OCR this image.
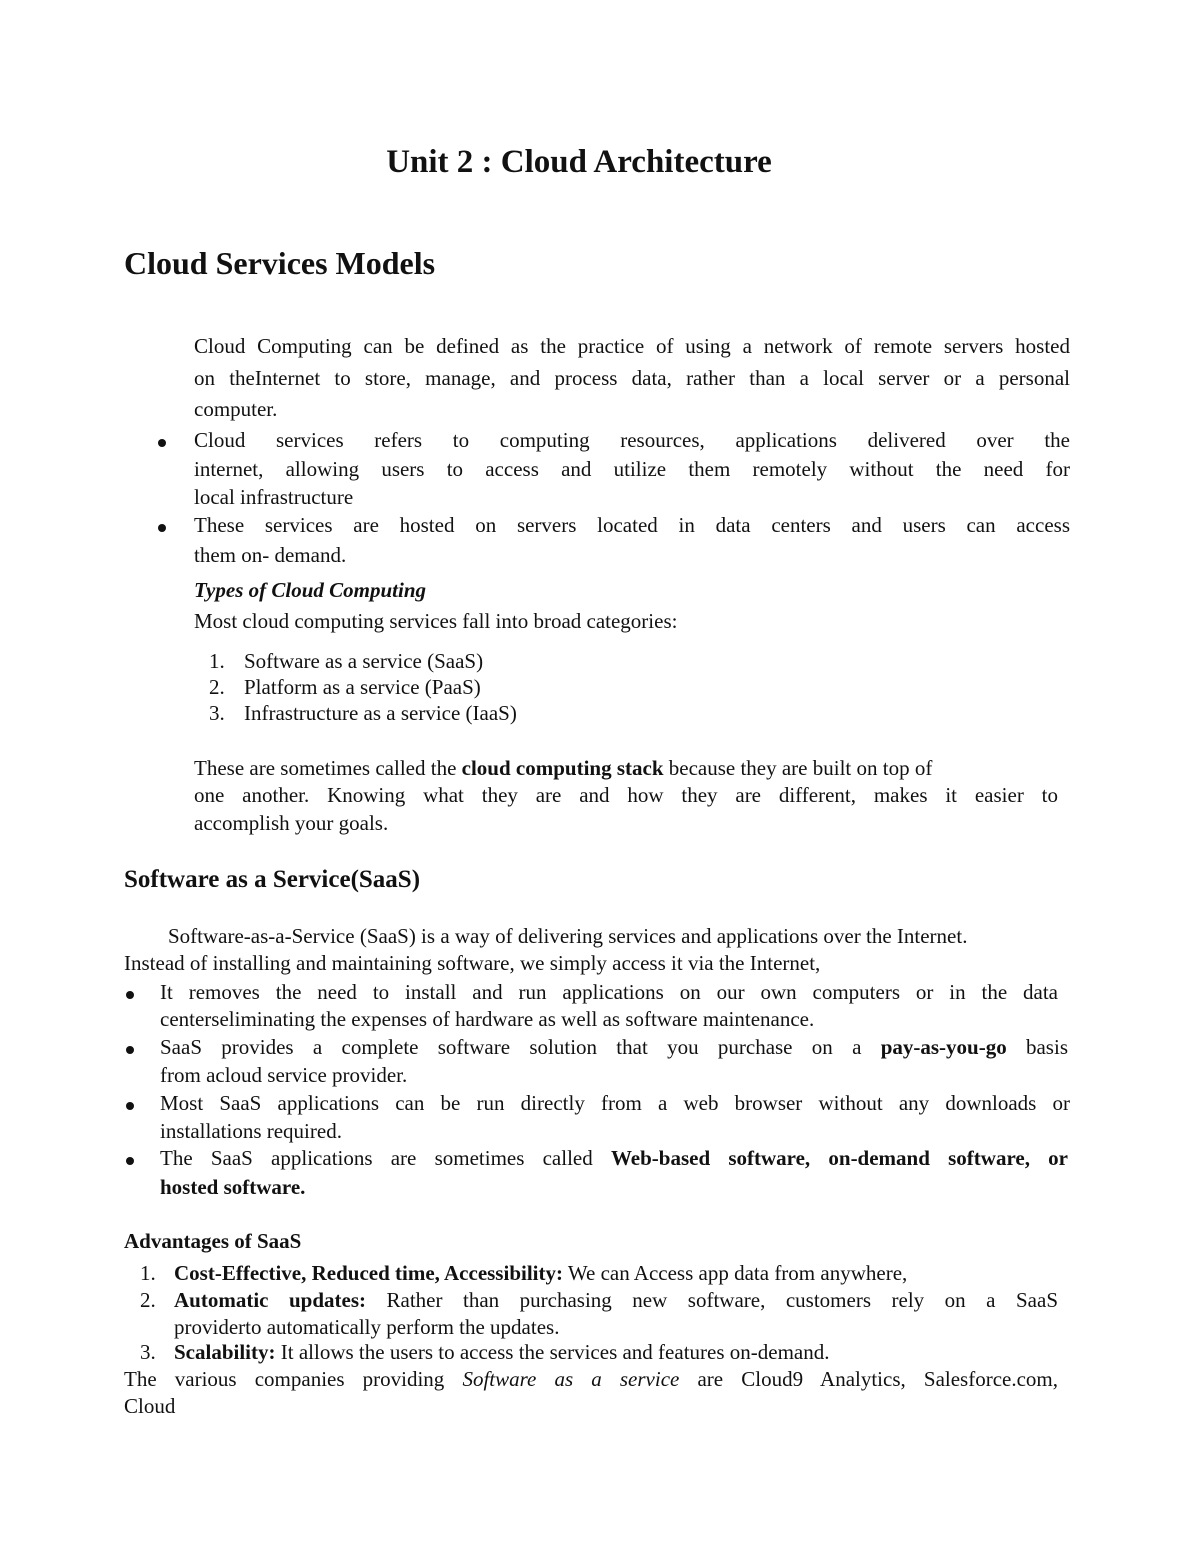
Unit 2 : Cloud Architecture
Cloud Services Models
Cloud Computing can be defined as the practice of using a network of remote servers hosted
on theInternet to store, manage, and process data, rather than a local server or a personal
computer.
Cloud services refers to computing resources, applications delivered over the
internet, allowing users to access and utilize them remotely without the need for
local infrastructure
These services are hosted on servers located in data centers and users can access
them on- demand.
Types of Cloud Computing
Most cloud computing services fall into broad categories:
1. Software as a service (SaaS)
2. Platform as a service (PaaS)
3. Infrastructure as a service (IaaS)
These are sometimes called the cloud computing stack because they are built on top of
one another. Knowing what they are and how they are different, makes it easier to
accomplish your goals.
Software as a Service(SaaS)
Software-as-a-Service (SaaS) is a way of delivering services and applications over the Internet.
Instead of installing and maintaining software, we simply access it via the Internet,
It removes the need to install and run applications on our own computers or in the data
centerseliminating the expenses of hardware as well as software maintenance.
SaaS provides a complete software solution that you purchase on a pay-as-you-go basis
from acloud service provider.
Most SaaS applications can be run directly from a web browser without any downloads or
installations required.
The SaaS applications are sometimes called Web-based software, on-demand software, or
hosted software.
Advantages of SaaS
1. Cost-Effective, Reduced time, Accessibility: We can Access app data from anywhere,
2. Automatic updates: Rather than purchasing new software, customers rely on a SaaS
providerto automatically perform the updates.
3. Scalability: It allows the users to access the services and features on-demand.
The various companies providing Software as a service are Cloud9 Analytics, Salesforce.com,
Cloud
